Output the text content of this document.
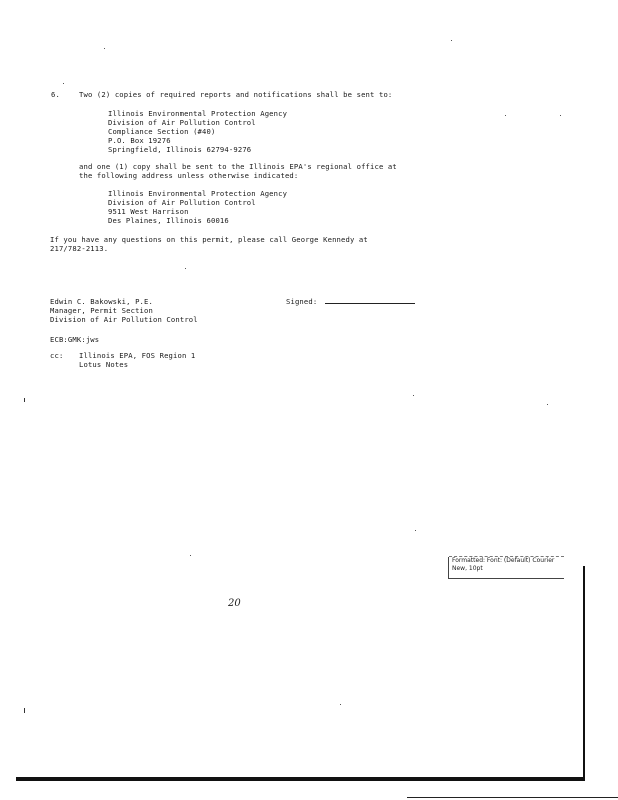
6.	Two (2) copies of required reports and notifications shall be sent to:
Illinois Environmental Protection Agency
Division of Air Pollution Control
Compliance Section (#40)
P.O. Box 19276
Springfield, Illinois 62794-9276
and one (1) copy shall be sent to the Illinois EPA's regional office at
the following address unless otherwise indicated:
Illinois Environmental Protection Agency
Division of Air Pollution Control
9511 West Harrison
Des Plaines, Illinois 60016
If you have any questions on this permit, please call George Kennedy at
217/782-2113.
Edwin C. Bakowski, P.E.
Manager, Permit Section
Division of Air Pollution Control
Signed:
ECB:GMK:jws
cc: Illinois EPA, FOS Region 1
Lotus Notes
Formatted: Font: (Default) Courier
New, 10pt
20
